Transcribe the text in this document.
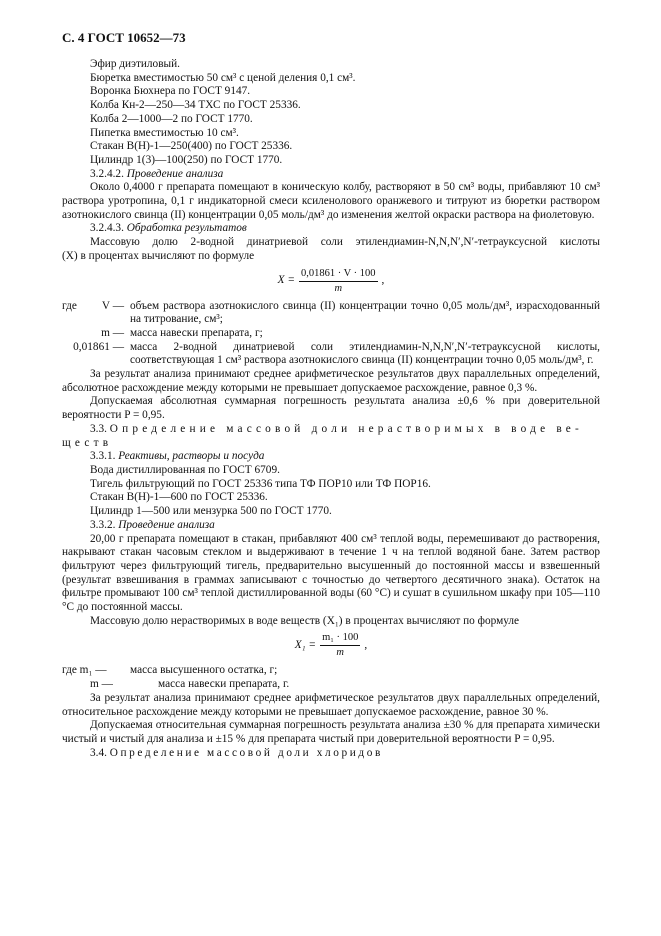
С. 4 ГОСТ 10652—73

Эфир диэтиловый.

Бюретка вместимостью 50 см³ с ценой деления 0,1 см³.

Воронка Бюхнера по ГОСТ 9147.

Колба Кн-2—250—34 ТХС по ГОСТ 25336.

Колба 2—1000—2 по ГОСТ 1770.

Пипетка вместимостью 10 см³.

Стакан В(Н)-1—250(400) по ГОСТ 25336.

Цилиндр 1(3)—100(250) по ГОСТ 1770.

3.2.4.2. Проведение анализа

Около 0,4000 г препарата помещают в коническую колбу, растворяют в 50 см³ воды, прибавляют 10 см³ раствора уротропина, 0,1 г индикаторной смеси ксиленолового оранжевого и титруют из бюретки раствором азотнокислого свинца (II) концентрации 0,05 моль/дм³ до изменения желтой окраски раствора на фиолетовую.

3.2.4.3. Обработка результатов

Массовую долю 2-водной динатриевой соли этилендиамин-N,N,N′,N′-тетрауксусной кислоты

(X) в процентах вычисляют по формуле

$X = \frac{0,01861 \cdot V \cdot 100}{m}$ ,
где	V — объем раствора азотнокислого свинца (II) концентрации точно 0,05 моль/дм³, израсходованный на титрование, см³;
m — масса навески препарата, г;
0,01861 — масса 2-водной динатриевой соли этилендиамин-N,N,N′,N′-тетрауксусной кислоты, соответствующая 1 см³ раствора азотнокислого свинца (II) концентрации точно 0,05 моль/дм³, г.

За результат анализа принимают среднее арифметическое результатов двух параллельных определений, абсолютное расхождение между которыми не превышает допускаемое расхождение, равное 0,3 %.

Допускаемая абсолютная суммарная погрешность результата анализа ±0,6 % при доверительной вероятности P = 0,95.

3.3. Определение массовой доли нерастворимых в воде ве-

ществ

3.3.1. Реактивы, растворы и посуда

Вода дистиллированная по ГОСТ 6709.

Тигель фильтрующий по ГОСТ 25336 типа ТФ ПОР10 или ТФ ПОР16.

Стакан В(Н)-1—600 по ГОСТ 25336.

Цилиндр 1—500 или мензурка 500 по ГОСТ 1770.

3.3.2. Проведение анализа

20,00 г препарата помещают в стакан, прибавляют 400 см³ теплой воды, перемешивают до растворения, накрывают стакан часовым стеклом и выдерживают в течение 1 ч на теплой водяной бане. Затем раствор фильтруют через фильтрующий тигель, предварительно высушенный до постоянной массы и взвешенный (результат взвешивания в граммах записывают с точностью до четвертого десятичного знака). Остаток на фильтре промывают 100 см³ теплой дистиллированной воды (60 °С) и сушат в сушильном шкафу при 105—110 °С до постоянной массы.

Массовую долю нерастворимых в воде веществ (X₁) в процентах вычисляют по формуле

$X_1 = \frac{\text{m₁ · 100}}{m}$ ,
где m₁ —	масса высушенного остатка, г;
m —	масса навески препарата, г.

За результат анализа принимают среднее арифметическое результатов двух параллельных определений, относительное расхождение между которыми не превышает допускаемое расхождение, равное 30 %.

Допускаемая относительная суммарная погрешность результата анализа ±30 % для препарата химически чистый и чистый для анализа и ±15 % для препарата чистый при доверительной вероятности P = 0,95.

3.4. Определение массовой доли хлоридов
